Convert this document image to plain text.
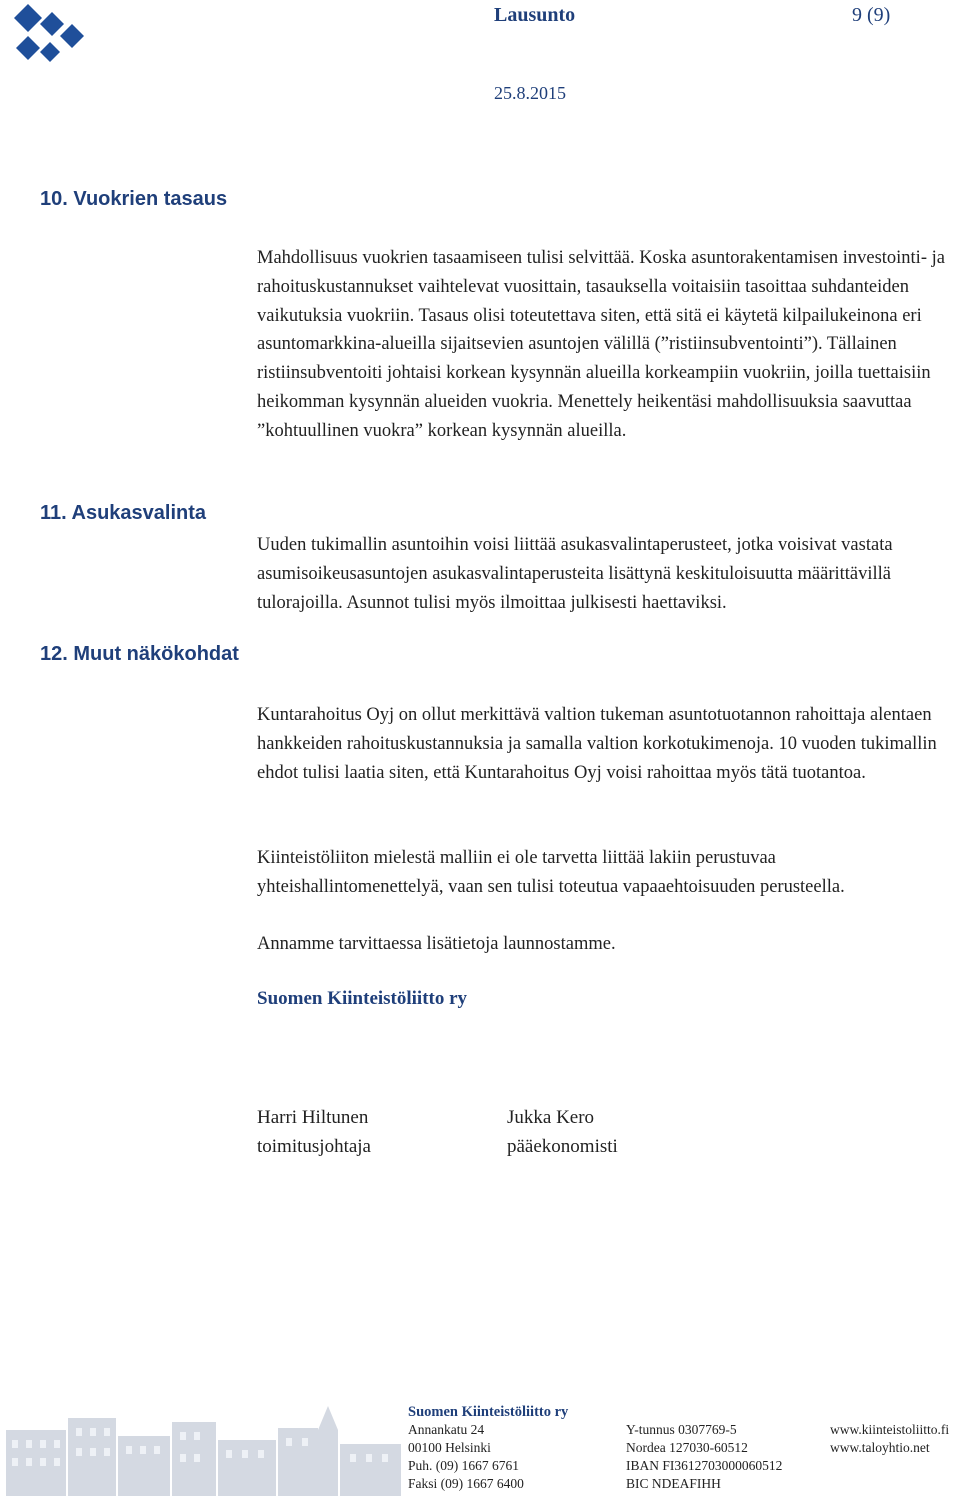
Lausunto	9 (9)
25.8.2015
10. Vuokrien tasaus
11. Asukasvalinta
12. Muut näkökohdat
Mahdollisuus vuokrien tasaamiseen tulisi selvittää. Koska asuntorakentamisen investointi- ja rahoituskustannukset vaihtelevat vuosittain, tasauksella voitaisiin tasoittaa suhdanteiden vaikutuksia vuokriin. Tasaus olisi toteutettava siten, että sitä ei käytetä kilpailukeinona eri asuntomarkkina-alueilla sijaitsevien asuntojen välillä (”ristiinsubventointi”). Tällainen ristiinsubventoiti johtaisi korkean kysynnän alueilla korkeampiin vuokriin, joilla tuettaisiin heikomman kysynnän alueiden vuokria. Menettely heikentäsi mahdollisuuksia saavuttaa ”kohtuullinen vuokra” korkean kysynnän alueilla.
Uuden tukimallin asuntoihin voisi liittää asukasvalintaperusteet, jotka voisivat vastata asumisoikeusasuntojen asukasvalintaperusteita lisättynä keskituloisuutta määrittävillä tulorajoilla. Asunnot tulisi myös ilmoittaa julkisesti haettaviksi.
Kuntarahoitus Oyj on ollut merkittävä valtion tukeman asuntotuotannon rahoittaja alentaen hankkeiden rahoituskustannuksia ja samalla valtion korkotukimenoja. 10 vuoden tukimallin ehdot tulisi laatia siten, että Kuntarahoitus Oyj voisi rahoittaa myös tätä tuotantoa.
Kiinteistöliiton mielestä malliin ei ole tarvetta liittää lakiin perustuvaa yhteishallintomenettelyä, vaan sen tulisi toteutua vapaaehtoisuuden perusteella.
Annamme tarvittaessa lisätietoja launnostamme.
Suomen Kiinteistöliitto ry
Harri Hiltunen
toimitusjohtaja
Jukka Kero
pääekonomisti
Suomen Kiinteistöliitto ry
Annankatu 24
00100 Helsinki
Puh. (09) 1667 6761
Faksi (09) 1667 6400
Y-tunnus 0307769-5
Nordea 127030-60512
IBAN FI3612703000060512
BIC NDEAFIHH
www.kiinteistoliitto.fi
www.taloyhtio.net
